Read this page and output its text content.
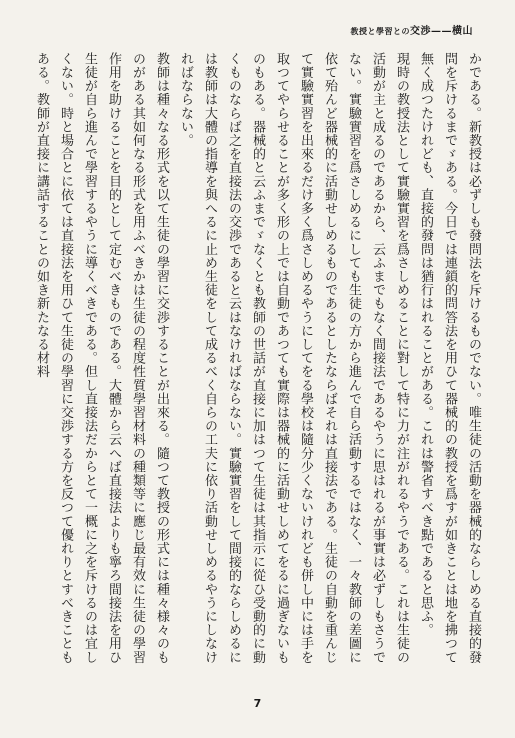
教授と學習との交渉——横山

かである。新教授は必ずしも發問法を斥けるものでない。唯生徒の活動を器械的ならしめる直接的發問を斥けるまでゞある。今日では連鎖的問答法を用ひて器械的の教授を爲すが如きことは地を拂つて無く成つたけれども、直接的發問は猶行はれることがある。これは警省すべき點であると思ふ。

現時の教授法として實驗實習を爲さしめることに對して特に力が注がれるやうである。これは生徒の活動が主と成るのであるから、云ふまでもなく間接法であるやうに思はれるが事實は必ずしもさうでない。實驗實習を爲さしめるにしても生徒の方から進んで自ら活動するではなく、一々教師の差圖に依て殆んど器械的に活動せしめるものであるとしたならばそれは直接法である。生徒の自動を重んじて實驗實習を出來るだけ多く爲さしめるやうにしてをる學校は隨分少くないけれども併し中には手を取つてやらせることが多く形の上では自動であつても實際は器械的に活動せしめてをるに過ぎないものもある。器械的と云ふまでゞなくとも教師の世話が直接に加はつて生徒は其指示に從ひ受動的に動くものならば之を直接法の交渉であると云はなければならない。實驗實習をして間接的ならしめるには教師は大體の指導を與へるに止め生徒をして成るべく自らの工夫に依り活動せしめるやうにしなければならない。

教師は種々なる形式を以て生徒の學習に交渉することが出來る。隨つて教授の形式には種々様々のものがある其如何なる形式を用ふべきかは生徒の程度性質學習材料の種類等に應じ最有效に生徒の學習作用を助けることを目的として定むべきものである。大體から云へば直接法よりも寧ろ間接法を用ひ生徒が自ら進んで學習するやうに導くべきである。但し直接法だからとて一概に之を斥けるのは宜しくない。時と場合とに依ては直接法を用ひて生徒の學習に交渉する方を反つて優れりとすべきこともある。教師が直接に講話することの如き新たなる材料

7
